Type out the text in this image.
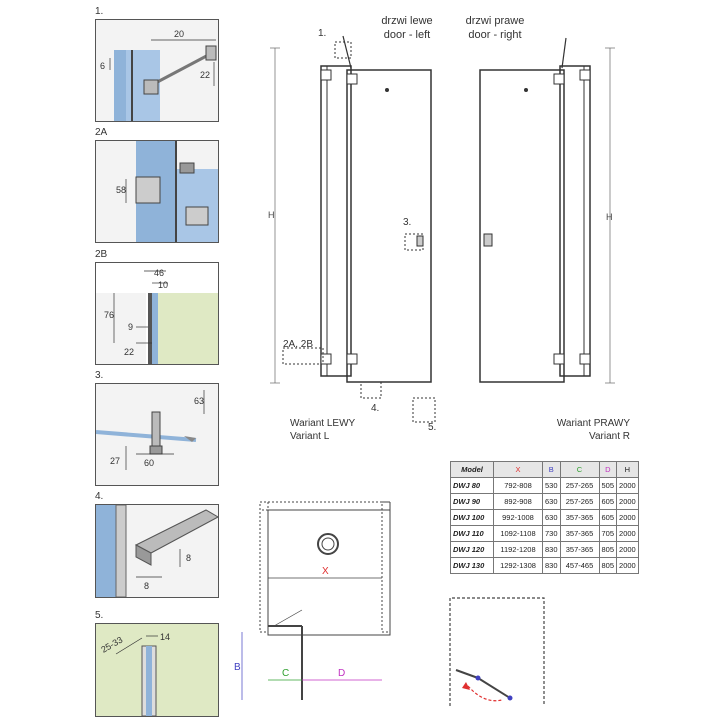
1.
20
6
22
2A
58
2B
46
10
76
9
22
3.
63
27	60
4.
8
8
5.
25-33	14
drzwi lewe
door - left
H
1.
2A, 2B
3.
4.
5.
Wariant LEWY
Variant L
drzwi prawe
door - right
H
Wariant PRAWY
Variant R
Model	X	B	C	D	H
DWJ 80	792-808	530	257-265	505	2000
DWJ 90	892-908	630	257-265	605	2000
DWJ 100	992-1008	630	357-365	605	2000
DWJ 110	1092-1108	730	357-365	705	2000
DWJ 120	1192-1208	830	357-365	805	2000
DWJ 130	1292-1308	830	457-465	805	2000
X
B
C	D
